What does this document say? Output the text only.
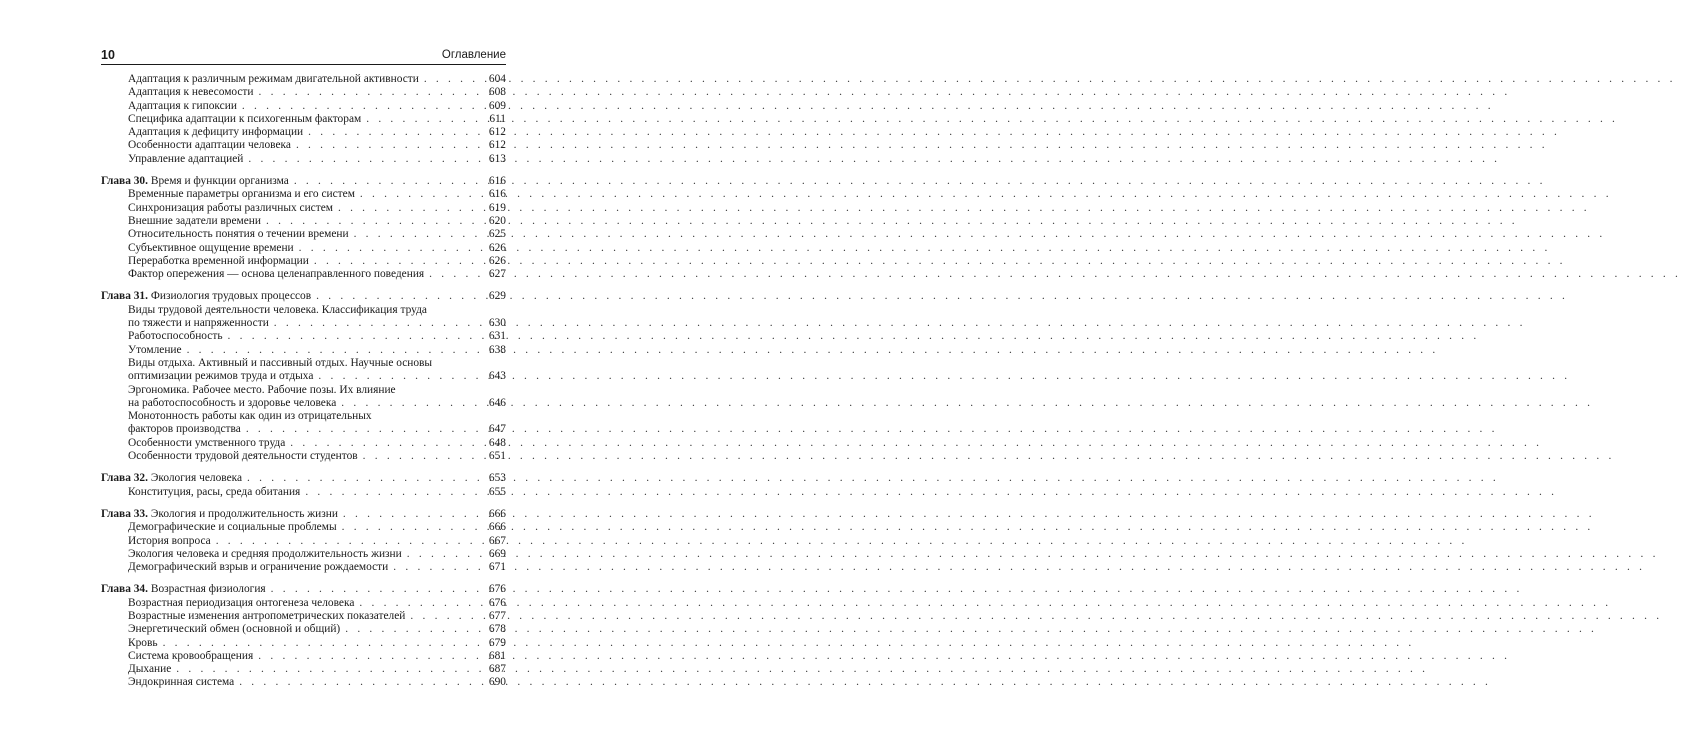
10	Оглавление
Адаптация к различным режимам двигательной активности . . .	604
Адаптация к невесомости . . .	608
Адаптация к гипоксии . . .	609
Специфика адаптации к психогенным факторам . . .	611
Адаптация к дефициту информации . . .	612
Особенности адаптации человека . . .	612
Управление адаптацией . . .	613
Глава 30. Время и функции организма . . .	616
Временные параметры организма и его систем . . .	616
Синхронизация работы различных систем . . .	619
Внешние задатели времени . . .	620
Относительность понятия о течении времени . . .	625
Субъективное ощущение времени . . .	626
Переработка временной информации . . .	626
Фактор опережения — основа целенаправленного поведения . . .	627
Глава 31. Физиология трудовых процессов . . .	629
Виды трудовой деятельности человека. Классификация труда
по тяжести и напряженности . . .	630
Работоспособность . . .	631
Утомление . . .	638
Виды отдыха. Активный и пассивный отдых. Научные основы
оптимизации режимов труда и отдыха . . .	643
Эргономика. Рабочее место. Рабочие позы. Их влияние
на работоспособность и здоровье человека . . .	646
Монотонность работы как один из отрицательных
факторов производства . . .	647
Особенности умственного труда . . .	648
Особенности трудовой деятельности студентов . . .	651
Глава 32. Экология человека . . .	653
Конституция, расы, среда обитания . . .	655
Глава 33. Экология и продолжительность жизни . . .	666
Демографические и социальные проблемы . . .	666
История вопроса . . .	667
Экология человека и средняя продолжительность жизни . . .	669
Демографический взрыв и ограничение рождаемости . . .	671
Глава 34. Возрастная физиология . . .	676
Возрастная периодизация онтогенеза человека . . .	676
Возрастные изменения антропометрических показателей . . .	677
Энергетический обмен (основной и общий) . . .	678
Кровь . . .	679
Система кровообращения . . .	681
Дыхание . . .	687
Эндокринная система . . .	690
